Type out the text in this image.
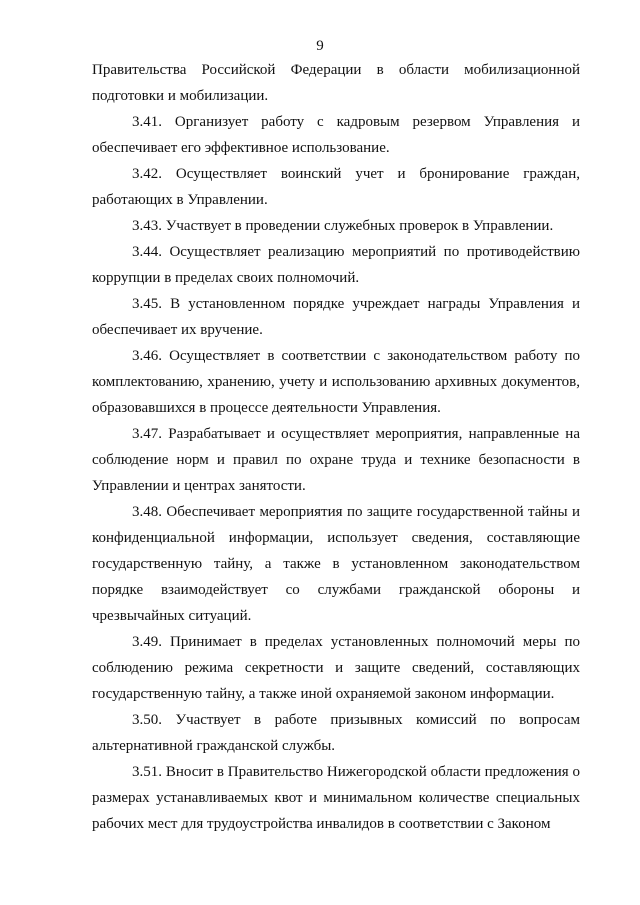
9

Правительства Российской Федерации в области мобилизационной подготовки и мобилизации.

3.41. Организует работу с кадровым резервом Управления и обеспечивает его эффективное использование.

3.42. Осуществляет воинский учет и бронирование граждан, работающих в Управлении.

3.43. Участвует в проведении служебных проверок в Управлении.

3.44. Осуществляет реализацию мероприятий по противодействию коррупции в пределах своих полномочий.

3.45. В установленном порядке учреждает награды Управления и обеспечивает их вручение.

3.46. Осуществляет в соответствии с законодательством работу по комплектованию, хранению, учету и использованию архивных документов, образовавшихся в процессе деятельности Управления.

3.47. Разрабатывает и осуществляет мероприятия, направленные на соблюдение норм и правил по охране труда и технике безопасности в Управлении и центрах занятости.

3.48. Обеспечивает мероприятия по защите государственной тайны и конфиденциальной информации, использует сведения, составляющие государственную тайну, а также в установленном законодательством порядке взаимодействует со службами гражданской обороны и чрезвычайных ситуаций.

3.49. Принимает в пределах установленных полномочий меры по соблюдению режима секретности и защите сведений, составляющих государственную тайну, а также иной охраняемой законом информации.

3.50. Участвует в работе призывных комиссий по вопросам альтернативной гражданской службы.

3.51. Вносит в Правительство Нижегородской области предложения о размерах устанавливаемых квот и минимальном количестве специальных рабочих мест для трудоустройства инвалидов в соответствии с Законом
